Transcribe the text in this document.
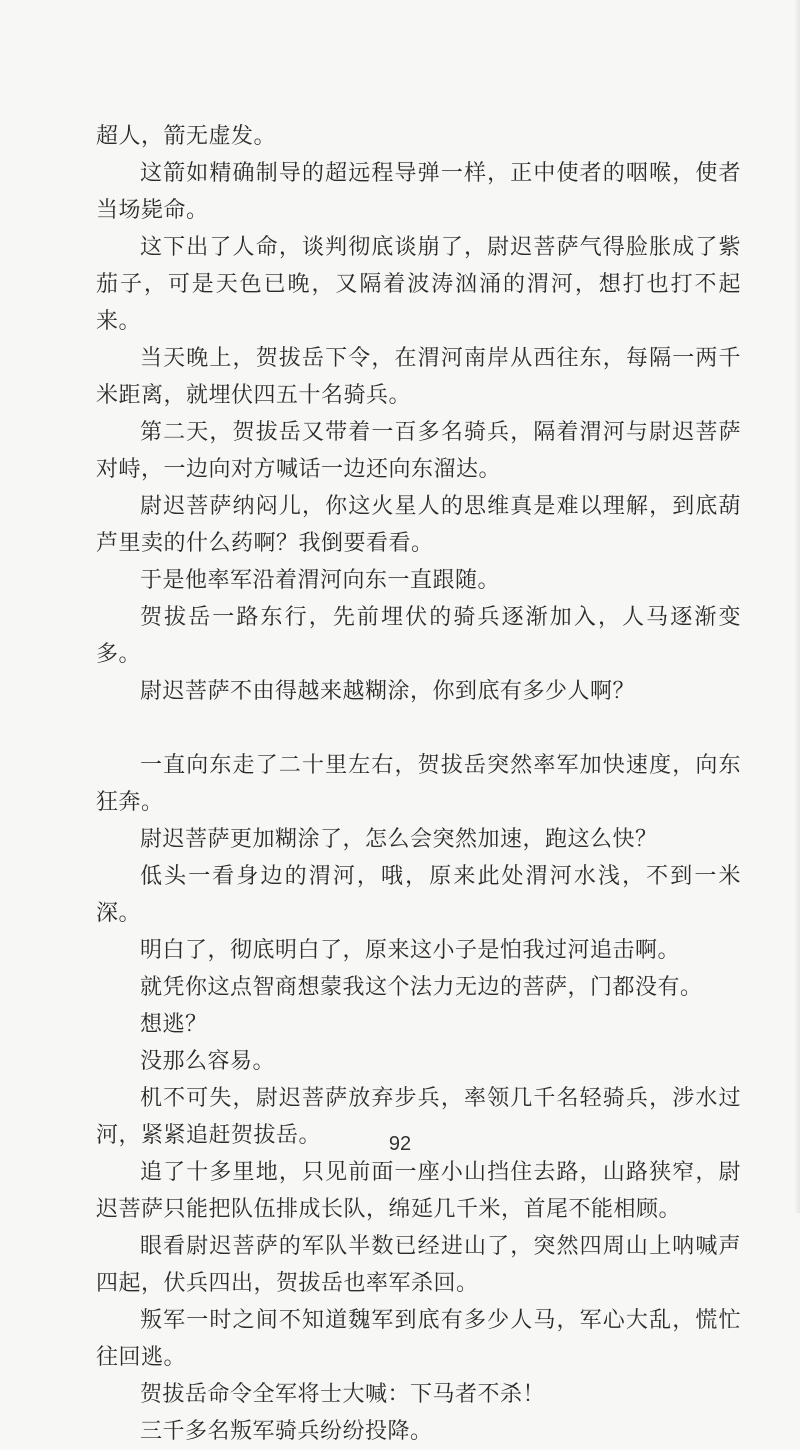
超人，箭无虚发。

这箭如精确制导的超远程导弹一样，正中使者的咽喉，使者当场毙命。

这下出了人命，谈判彻底谈崩了，尉迟菩萨气得脸胀成了紫茄子，可是天色已晚，又隔着波涛汹涌的渭河，想打也打不起来。

当天晚上，贺拔岳下令，在渭河南岸从西往东，每隔一两千米距离，就埋伏四五十名骑兵。

第二天，贺拔岳又带着一百多名骑兵，隔着渭河与尉迟菩萨对峙，一边向对方喊话一边还向东溜达。

尉迟菩萨纳闷儿，你这火星人的思维真是难以理解，到底葫芦里卖的什么药啊？我倒要看看。

于是他率军沿着渭河向东一直跟随。

贺拔岳一路东行，先前埋伏的骑兵逐渐加入，人马逐渐变多。

尉迟菩萨不由得越来越糊涂，你到底有多少人啊？

一直向东走了二十里左右，贺拔岳突然率军加快速度，向东狂奔。

尉迟菩萨更加糊涂了，怎么会突然加速，跑这么快？

低头一看身边的渭河，哦，原来此处渭河水浅，不到一米深。

明白了，彻底明白了，原来这小子是怕我过河追击啊。

就凭你这点智商想蒙我这个法力无边的菩萨，门都没有。

想逃？

没那么容易。

机不可失，尉迟菩萨放弃步兵，率领几千名轻骑兵，涉水过河，紧紧追赶贺拔岳。

追了十多里地，只见前面一座小山挡住去路，山路狭窄，尉迟菩萨只能把队伍排成长队，绵延几千米，首尾不能相顾。

眼看尉迟菩萨的军队半数已经进山了，突然四周山上呐喊声四起，伏兵四出，贺拔岳也率军杀回。

叛军一时之间不知道魏军到底有多少人马，军心大乱，慌忙往回逃。

贺拔岳命令全军将士大喊：下马者不杀！

三千多名叛军骑兵纷纷投降。

92
